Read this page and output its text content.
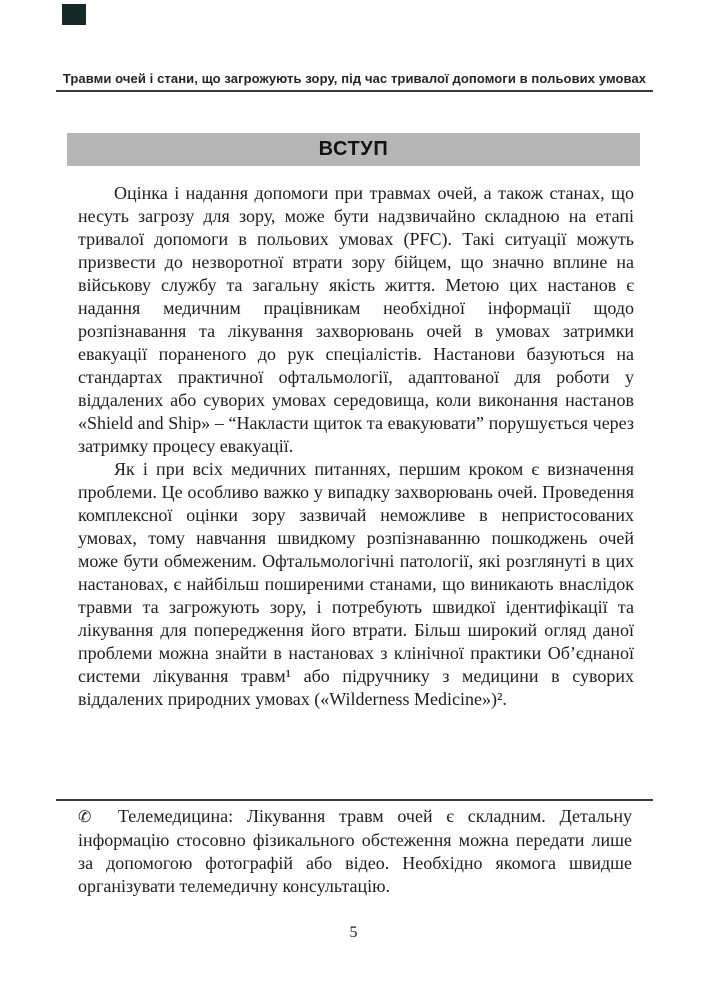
Травми очей і стани, що загрожують зору, під час тривалої допомоги в польових умовах
ВСТУП

Оцінка і надання допомоги при травмах очей, а також станах, що несуть загрозу для зору, може бути надзвичайно складною на етапі тривалої допомоги в польових умовах (PFC). Такі ситуації можуть призвести до незворотної втрати зору бійцем, що значно вплине на військову службу та загальну якість життя. Метою цих настанов є надання медичним працівникам необхідної інформації щодо розпізнавання та лікування захворювань очей в умовах затримки евакуації пораненого до рук спеціалістів. Настанови базуються на стандартах практичної офтальмології, адаптованої для роботи у віддалених або суворих умовах середовища, коли виконання настанов «Shield and Ship» – “Накласти щиток та евакуювати” порушується через затримку процесу евакуації.

Як і при всіх медичних питаннях, першим кроком є визначення проблеми. Це особливо важко у випадку захворювань очей. Проведення комплексної оцінки зору зазвичай неможливе в непристосованих умовах, тому навчання швидкому розпізнаванню пошкоджень очей може бути обмеженим. Офтальмологічні патології, які розглянуті в цих настановах, є найбільш поширеними станами, що виникають внаслідок травми та загрожують зору, і потребують швидкої ідентифікації та лікування для попередження його втрати. Більш широкий огляд даної проблеми можна знайти в настановах з клінічної практики Об’єднаної системи лікування травм¹ або підручнику з медицини в суворих віддалених природних умовах («Wilderness Medicine»)².

✆ Телемедицина: Лікування травм очей є складним. Детальну інформацію стосовно фізикального обстеження можна передати лише за допомогою фотографій або відео. Необхідно якомога швидше організувати телемедичну консультацію.

5
